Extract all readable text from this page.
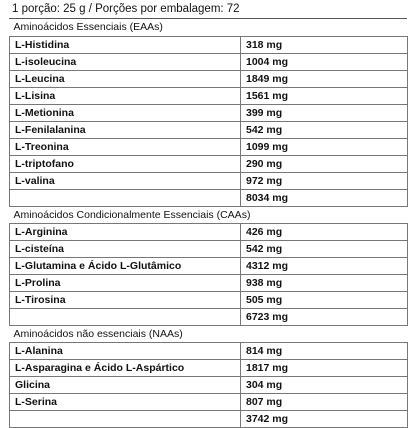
1 porção: 25 g / Porções por embalagem: 72
Aminoácidos Essenciais (EAAs)	
L-Histidina	318 mg
L-isoleucina	1004 mg
L-Leucina	1849 mg
L-Lisina	1561 mg
L-Metionina	399 mg
L-Fenilalanina	542 mg
L-Treonina	1099 mg
L-triptofano	290 mg
L-valina	972 mg
	8034 mg
Aminoácidos Condicionalmente Essenciais (CAAs)	
L-Arginina	426 mg
L-cisteína	542 mg
L-Glutamina e Ácido L-Glutâmico	4312 mg
L-Prolina	938 mg
L-Tirosina	505 mg
	6723 mg
Aminoácidos não essenciais (NAAs)	
L-Alanina	814 mg
L-Asparagina e Ácido L-Aspártico	1817 mg
Glicina	304 mg
L-Serina	807 mg
	3742 mg
